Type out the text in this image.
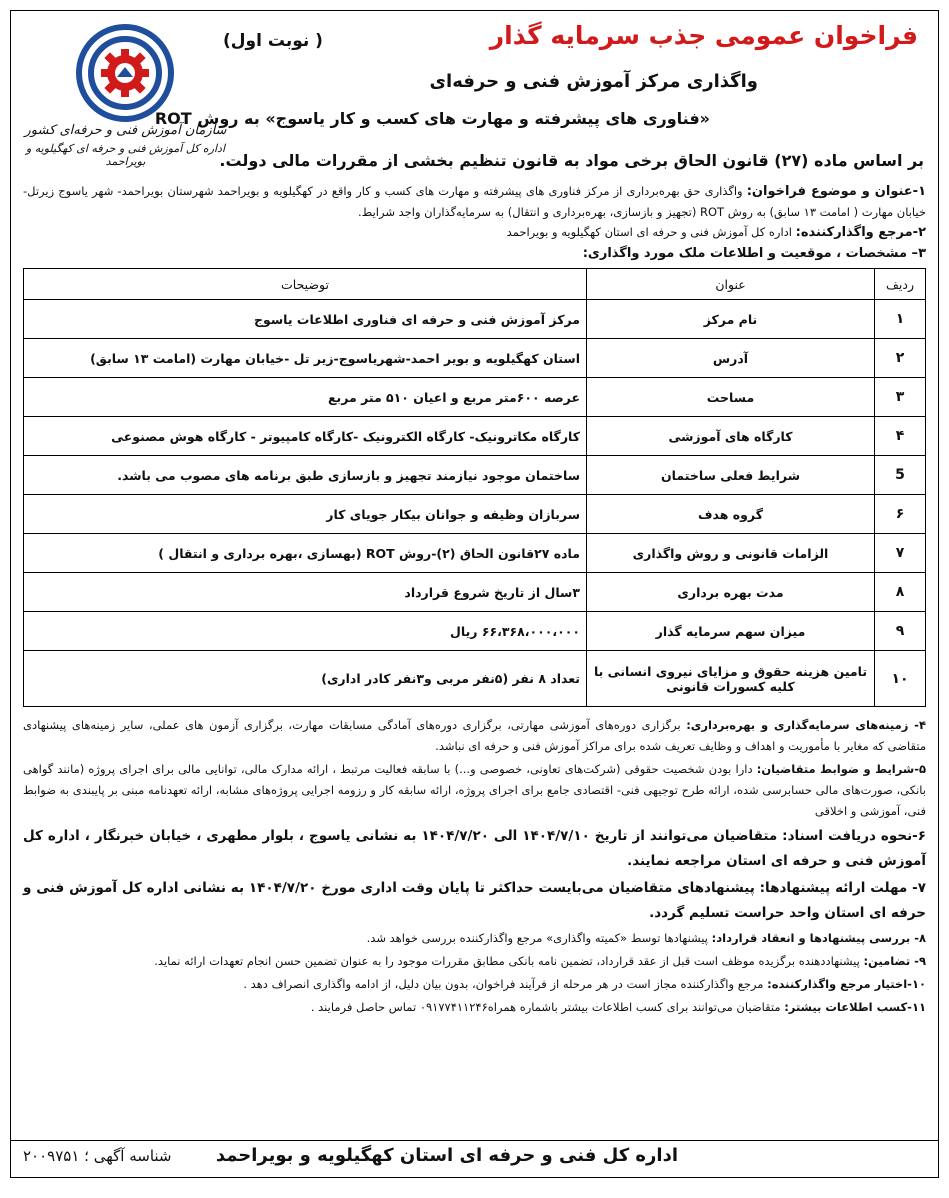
سازمان آموزش فنی و حرفه‌ای کشور
اداره کل آموزش فنی و حرفه ای کهگیلویه و بویراحمد
( نوبت اول)	فراخوان عمومی جذب سرمایه گذار
واگذاری مرکز آموزش فنی و حرفه‌ای
«فناوری های پیشرفته و مهارت های کسب و کار یاسوج» به روش ROT
بر اساس ماده (۲۷) قانون الحاق برخی مواد به قانون تنظیم بخشی از مقررات مالی دولت.
۱-عنوان و موضوع فراخوان: واگذاری حق بهره‌برداری از مرکز فناوری های پیشرفته و مهارت های کسب و کار واقع در کهگیلویه و بویراحمد شهرستان بویراحمد- شهر یاسوج زیرتل- خیابان مهارت ( امامت ۱۳ سابق) به روش ROT (تجهیز و بازسازی، بهره‌برداری و انتقال) به سرمایه‌گذاران واجد شرایط.
۲-مرجع واگذارکننده: اداره کل آموزش فنی و حرفه ای استان کهگیلویه و بویراحمد
۳– مشخصات ، موقعیت و اطلاعات ملک مورد واگذاری:
ردیف	عنوان	توضیحات
۱	نام مرکز	مرکز آموزش فنی و حرفه ای فناوری اطلاعات یاسوج
۲	آدرس	استان کهگیلویه و بویر احمد-شهریاسوج-زیر تل -خیابان مهارت (امامت ۱۳ سابق)
۳	مساحت	عرصه ۶۰۰متر مربع و اعیان ۵۱۰ متر مربع
۴	کارگاه های آموزشی	کارگاه مکاترونیک- کارگاه الکترونیک -کارگاه کامپیوتر - کارگاه هوش مصنوعی
5	شرایط فعلی ساختمان	ساختمان موجود نیازمند تجهیز و بازسازی طبق برنامه های مصوب می باشد.
۶	گروه هدف	سربازان وظیفه و جوانان بیکار جویای کار
۷	الزامات قانونی و روش واگذاری	ماده ۲۷قانون الحاق (۲)-روش ROT (بهسازی ،بهره برداری و انتقال )
۸	مدت بهره برداری	۳سال از تاریخ شروع قرارداد
۹	میزان سهم سرمایه گذار	۶۶،۳۶۸،۰۰۰،۰۰۰ ریال
۱۰	تامین هزینه حقوق و مزایای نیروی انسانی با کلیه کسورات قانونی	تعداد ۸ نفر (۵نفر مربی و۳نفر کادر اداری)

۴- زمینه‌های سرمایه‌گذاری و بهره‌برداری: برگزاری دوره‌های آموزشی مهارتی، برگزاری دوره‌های آمادگی مسابقات مهارت، برگزاری آزمون های عملی، سایر زمینه‌های پیشنهادی متقاضی که مغایر با مأموریت و اهداف و وظایف تعریف شده برای مراکز آموزش فنی و حرفه ای نباشد.

۵-شرایط و ضوابط متقاضیان: دارا بودن شخصیت حقوقی (شرکت‌های تعاونی، خصوصی و...) با سابقه فعالیت مرتبط ، ارائه مدارک مالی، توانایی مالی برای اجرای پروژه (مانند گواهی بانکی، صورت‌های مالی حسابرسی شده، ارائه طرح توجیهی فنی- اقتصادی جامع برای اجرای پروژه، ارائه سابقه کار و رزومه اجرایی پروژه‌های مشابه، ارائه تعهدنامه مبنی بر پایبندی به ضوابط فنی، آموزشی و اخلاقی

۶-نحوه دریافت اسناد: متقاضیان می‌توانند از تاریخ ۱۴۰۴/۷/۱۰ الی ۱۴۰۴/۷/۲۰ به نشانی یاسوج ، بلوار مطهری ، خیابان خبرنگار ، اداره کل آموزش فنی و حرفه ای استان مراجعه نمایند.

۷- مهلت ارائه پیشنهادها: پیشنهادهای متقاضیان می‌بایست حداکثر تا پایان وقت اداری مورخ ۱۴۰۴/۷/۲۰ به نشانی اداره کل آموزش فنی و حرفه ای استان واحد حراست تسلیم گردد.

۸- بررسی پیشنهادها و انعقاد قرارداد: پیشنهادها توسط «کمیته واگذاری» مرجع واگذارکننده بررسی خواهد شد.

۹- تضامین: پیشنهاددهنده برگزیده موظف است قبل از عقد قرارداد، تضمین نامه بانکی مطابق مقررات موجود را به عنوان تضمین حسن انجام تعهدات ارائه نماید.

۱۰-اختیار مرجع واگذارکننده: مرجع واگذارکننده مجاز است در هر مرحله از فرآیند فراخوان، بدون بیان دلیل، از ادامه واگذاری انصراف دهد .

۱۱-کسب اطلاعات بیشتر: متقاضیان می‌توانند برای کسب اطلاعات بیشتر باشماره همراه۰۹۱۷۷۴۱۱۲۴۶ تماس حاصل فرمایند .

اداره کل فنی و حرفه ای استان کهگیلویه و بویراحمد
شناسه آگهی ؛ ۲۰۰۹۷۵۱
